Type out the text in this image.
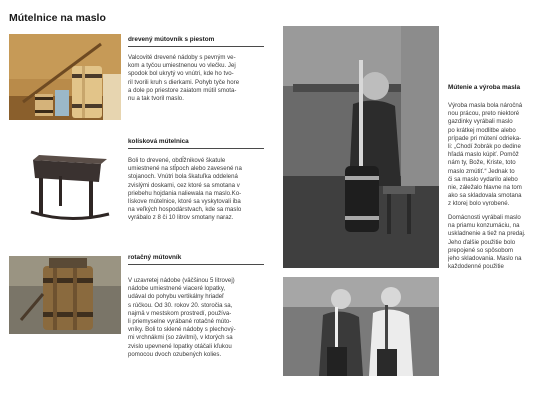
Mútelnice na maslo
drevený mútovník s piestom
Valcovité drevené nádoby s pevným ve-
kom a tyčou umiestnenou vo vlečku. Jej
spodok bol ukrytý vo vnútri, kde ho tvo-
ril tvorili kruh s dierkami. Pohyb tyče hore
a dole po priestore zaiatom mútil smota-
nu a tak tvoril maslo.
kolísková mútelnica
Boli to drevené, obdĺžnikové škatule
umiestnené na stĺpoch alebo zavesené na
stojanoch. Vnútri bola škatuľka oddelená
zvislými doskami, cez ktoré sa smotana v
priebehu hojdania naliewala na maslo.Ko-
lískove mútelnice, ktoré sa vyskytovali iba
na veľkých hospodárstvach, kde sa maslo
vyrábalo z 8 či 10 litrov smotany naraz.
rotačný mútovník
V uzavretej nádobe (väčšinou 5 litrovej)
nádobe umiestnené viaceré lopatky,
udával do pohybu vertikálny hriadeľ
s rúčkou. Od 30. rokov 20. storočia sa,
najmä v mestskom prostredí, používa-
li priemyselne vyrábané rotačné múto-
vníky. Boli to sklené nádoby s plechový-
mi vrchnákmi (so závitmi), v ktorých sa
zvislo upevnené lopatky otáčali kľukou
pomocou dvoch ozubených kolies.
Mútenie a výroba masla
Výroba masla bola náročná
nou prácou, preto niektoré
gazdinky vyrábali maslo
po krátkej modlitbe alebo
prípade pri mútení odrieka-
li: „Chodí žobrák po dedine
hľadá maslo kúpiť. Pomôž
nám ty, Bože, Kriste, toto
maslo zmútiť.“ Jednak to
či sa maslo vydarilo alebo
nie, záležalo hlavne na tom
ako sa skladovala smotana
z ktorej bolo vyrobené.
Domácnosti vyrábali maslo
na priamu konzumáciu, na
uskladnenie a tiež na predaj.
Jeho ďalšie použitie bolo
prepojené so spôsobom
jeho skladovania. Maslo na
každodenné použitie
